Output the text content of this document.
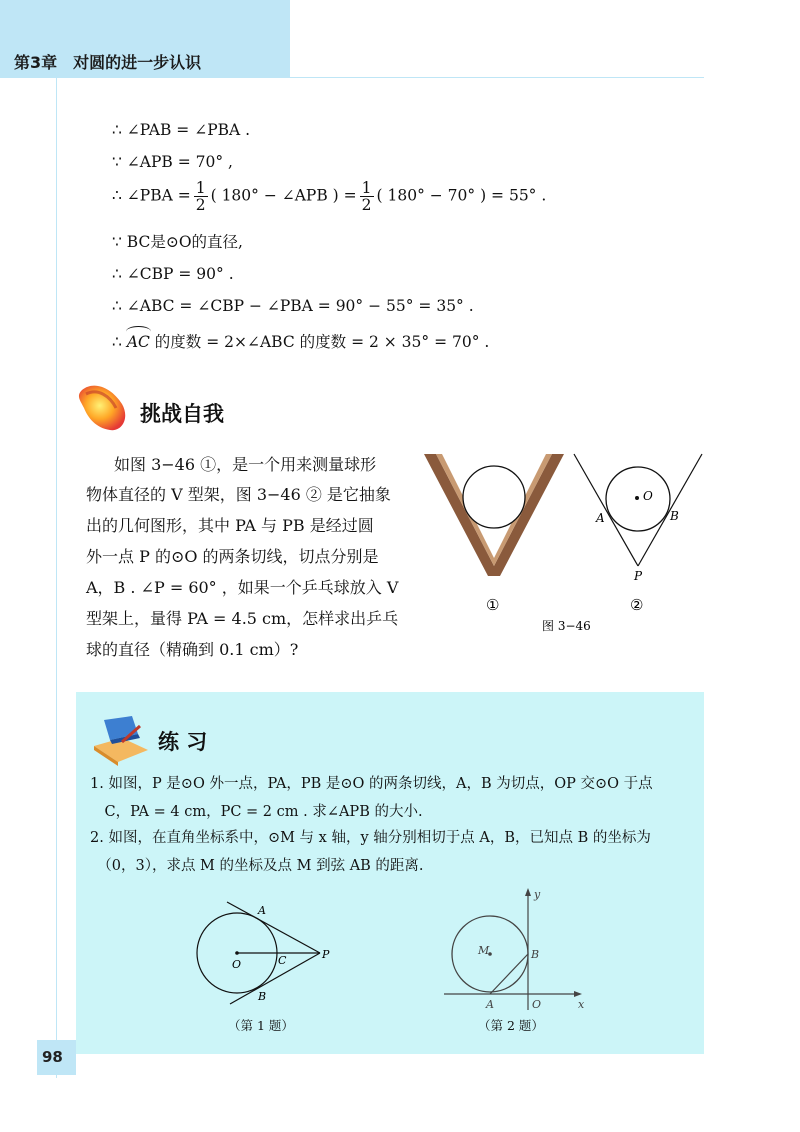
第3章　对圆的进一步认识
∴ ∠PAB = ∠PBA .
∵ ∠APB = 70° ,
∴ ∠PBA = $\frac{1}{2}$ ( 180° − ∠APB ) = $\frac{1}{2}$ ( 180° − 70° ) = 55° .
∵ BC是⊙O的直径,
∴ ∠CBP = 90° .
∴ ∠ABC = ∠CBP − ∠PBA = 90° − 55° = 35° .
∴ AC 的度数 = 2×∠ABC 的度数 = 2 × 35° = 70° .
挑战自我
如图 3−46 ①，是一个用来测量球形
物体直径的 V 型架，图 3−46 ② 是它抽象
出的几何图形，其中 PA 与 PB 是经过圆
外一点 P 的⊙O 的两条切线，切点分别是
A，B . ∠P = 60° ，如果一个乒乓球放入 V
型架上，量得 PA = 4.5 cm，怎样求出乒乓
球的直径（精确到 0.1 cm）?
O
A	B
P
①	②
图 3−46
练 习
1. 如图，P 是⊙O 外一点，PA，PB 是⊙O 的两条切线，A，B 为切点，OP 交⊙O 于点
　C，PA = 4 cm，PC = 2 cm . 求∠APB 的大小.
2. 如图，在直角坐标系中，⊙M 与 x 轴，y 轴分别相切于点 A，B，已知点 B 的坐标为
　（0，3），求点 M 的坐标及点 M 到弦 AB 的距离.
A
B
O	C	P
（第 1 题）
y
x
M	B
A	O
（第 2 题）
98
